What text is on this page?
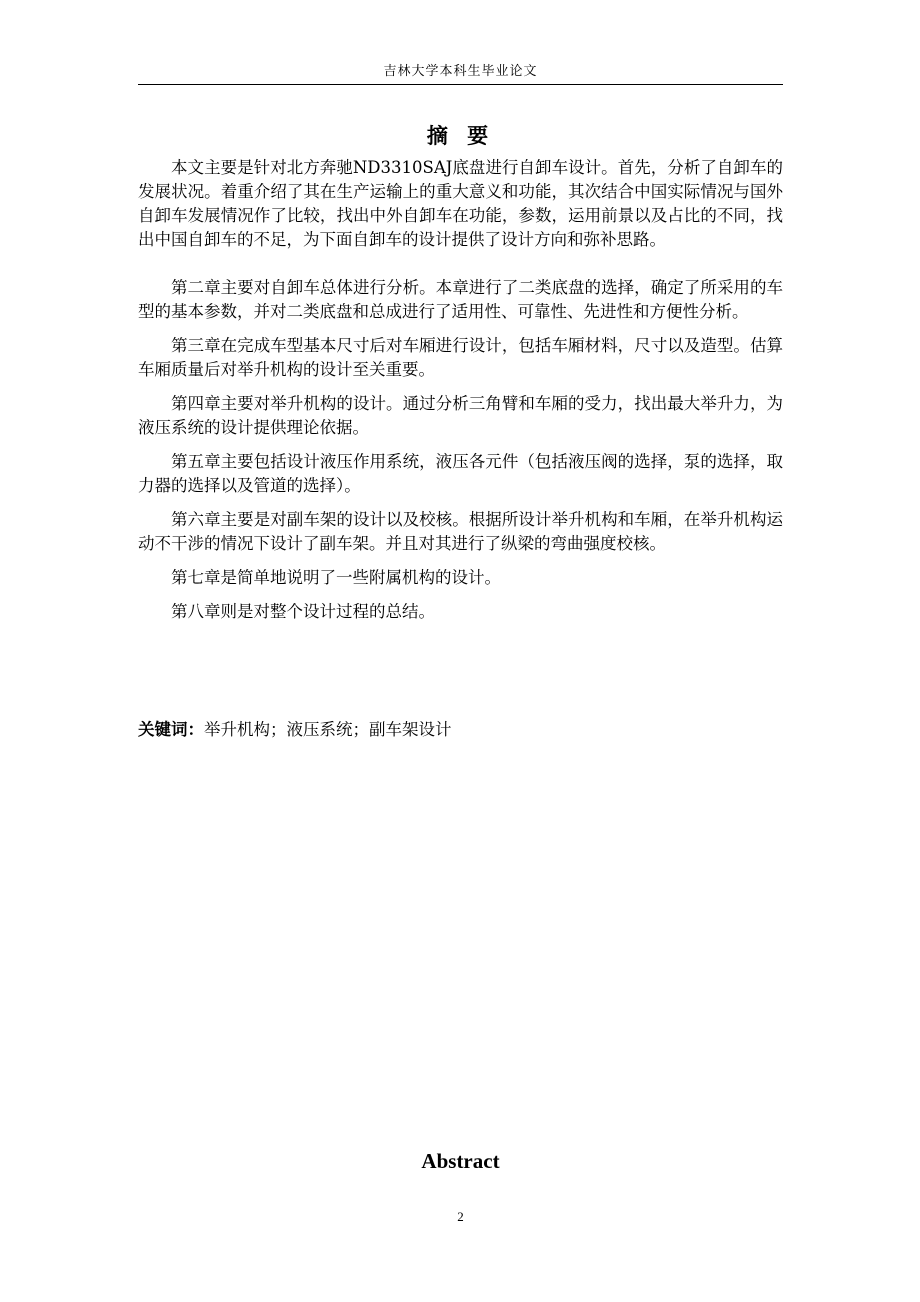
吉林大学本科生毕业论文
摘 要

本文主要是针对北方奔驰ND3310SAJ底盘进行自卸车设计。首先，分析了自卸车的发展状况。着重介绍了其在生产运输上的重大意义和功能，其次结合中国实际情况与国外自卸车发展情况作了比较，找出中外自卸车在功能，参数，运用前景以及占比的不同，找出中国自卸车的不足，为下面自卸车的设计提供了设计方向和弥补思路。

第二章主要对自卸车总体进行分析。本章进行了二类底盘的选择，确定了所采用的车型的基本参数，并对二类底盘和总成进行了适用性、可靠性、先进性和方便性分析。

第三章在完成车型基本尺寸后对车厢进行设计，包括车厢材料，尺寸以及造型。估算车厢质量后对举升机构的设计至关重要。

第四章主要对举升机构的设计。通过分析三角臂和车厢的受力，找出最大举升力，为液压系统的设计提供理论依据。

第五章主要包括设计液压作用系统，液压各元件（包括液压阀的选择，泵的选择，取力器的选择以及管道的选择）。

第六章主要是对副车架的设计以及校核。根据所设计举升机构和车厢，在举升机构运动不干涉的情况下设计了副车架。并且对其进行了纵梁的弯曲强度校核。

第七章是简单地说明了一些附属机构的设计。

第八章则是对整个设计过程的总结。

关键词：举升机构；液压系统；副车架设计
Abstract
2
